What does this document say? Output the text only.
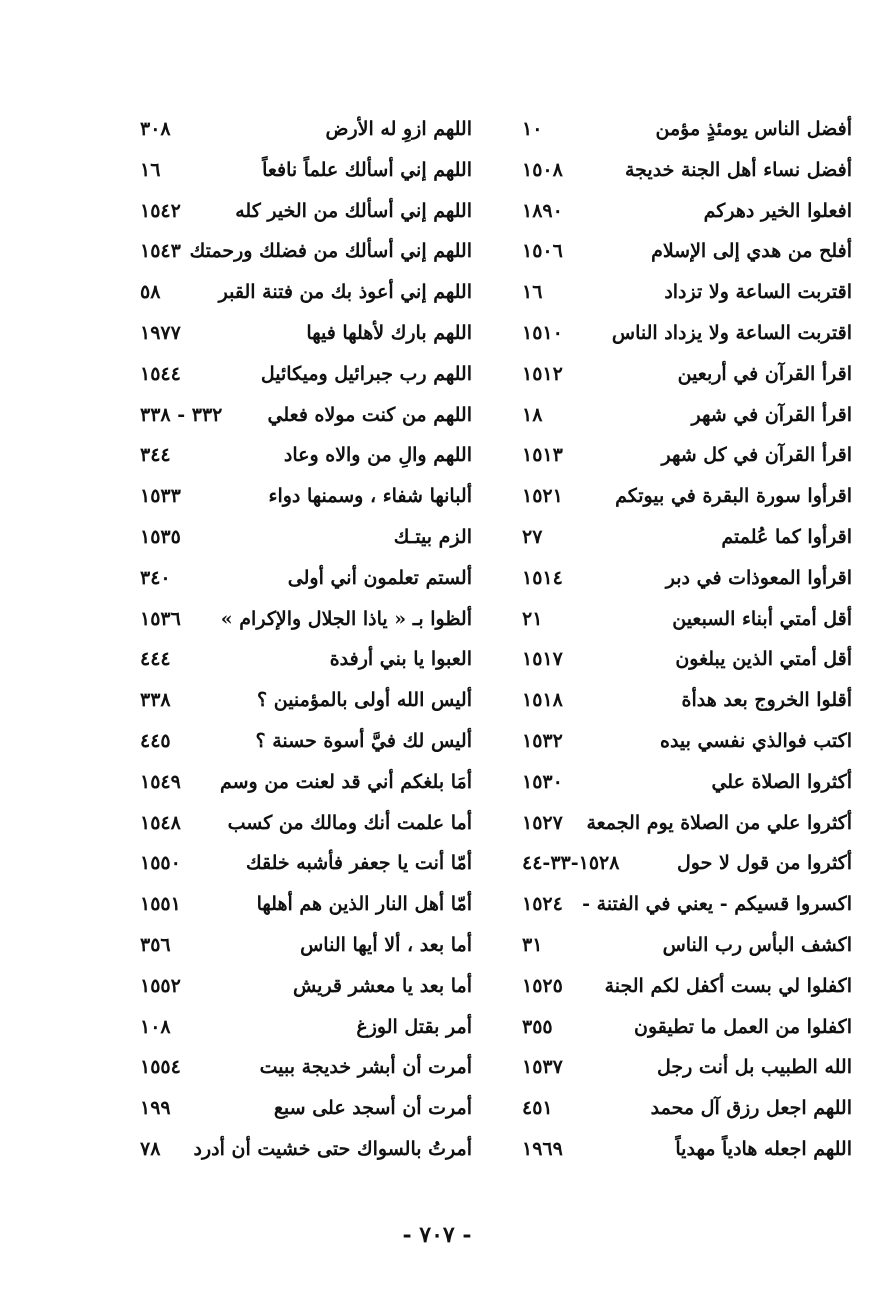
أفضل الناس يومئذٍ مؤمن
١٠
أفضل نساء أهل الجنة خديجة
١٥٠٨
افعلوا الخير دهركم
١٨٩٠
أفلح من هدي إلى الإسلام
١٥٠٦
اقتربت الساعة ولا تزداد
١٦
اقتربت الساعة ولا يزداد الناس
١٥١٠
اقرأ القرآن في أربعين
١٥١٢
اقرأ القرآن في شهر
١٨
اقرأ القرآن في كل شهر
١٥١٣
اقرأوا سورة البقرة في بيوتكم
١٥٢١
اقرأوا كما عُلمتم
٢٧
اقرأوا المعوذات في دبر
١٥١٤
أقل أمتي أبناء السبعين
٢١
أقل أمتي الذين يبلغون
١٥١٧
أقلوا الخروج بعد هدأة
١٥١٨
اكتب فوالذي نفسي بيده
١٥٣٢
أكثروا الصلاة علي
١٥٣٠
أكثروا علي من الصلاة يوم الجمعة
١٥٢٧
أكثروا من قول لا حول
١٥٢٨-٣٣-٤٤
اكسروا قسيكم - يعني في الفتنة -
١٥٢٤
اكشف البأس رب الناس
٣١
اكفلوا لي بست أكفل لكم الجنة
١٥٢٥
اكفلوا من العمل ما تطيقون
٣٥٥
الله الطبيب بل أنت رجل
١٥٣٧
اللهم اجعل رزق آل محمد
٤٥١
اللهم اجعله هادياً مهدياً
١٩٦٩
اللهم ازوِ له الأرض
٣٠٨
اللهم إني أسألك علماً نافعاً
١٦
اللهم إني أسألك من الخير كله
١٥٤٢
اللهم إني أسألك من فضلك ورحمتك
١٥٤٣
اللهم إني أعوذ بك من فتنة القبر
٥٨
اللهم بارك لأهلها فيها
١٩٧٧
اللهم رب جبرائيل وميكائيل
١٥٤٤
اللهم من كنت مولاه فعلي
٣٣٢ - ٣٣٨
اللهم والِ من والاه وعاد
٣٤٤
ألبانها شفاء ، وسمنها دواء
١٥٣٣
الزم بيتـك
١٥٣٥
ألستم تعلمون أني أولى
٣٤٠
ألظوا بـ « ياذا الجلال والإكرام »
١٥٣٦
العبوا يا بني أرفدة
٤٤٤
أليس الله أولى بالمؤمنين ؟
٣٣٨
أليس لك فيَّ أسوة حسنة ؟
٤٤٥
أمَا بلغكم أني قد لعنت من وسم
١٥٤٩
أما علمت أنك ومالك من كسب
١٥٤٨
أمّا أنت يا جعفر فأشبه خلقك
١٥٥٠
أمّا أهل النار الذين هم أهلها
١٥٥١
أما بعد ، ألا أيها الناس
٣٥٦
أما بعد يا معشر قريش
١٥٥٢
أمر بقتل الوزغ
١٠٨
أمرت أن أبشر خديجة ببيت
١٥٥٤
أمرت أن أسجد على سبع
١٩٩
أمرتُ بالسواك حتى خشيت أن أدرد
٧٨
- ٧٠٧ -
